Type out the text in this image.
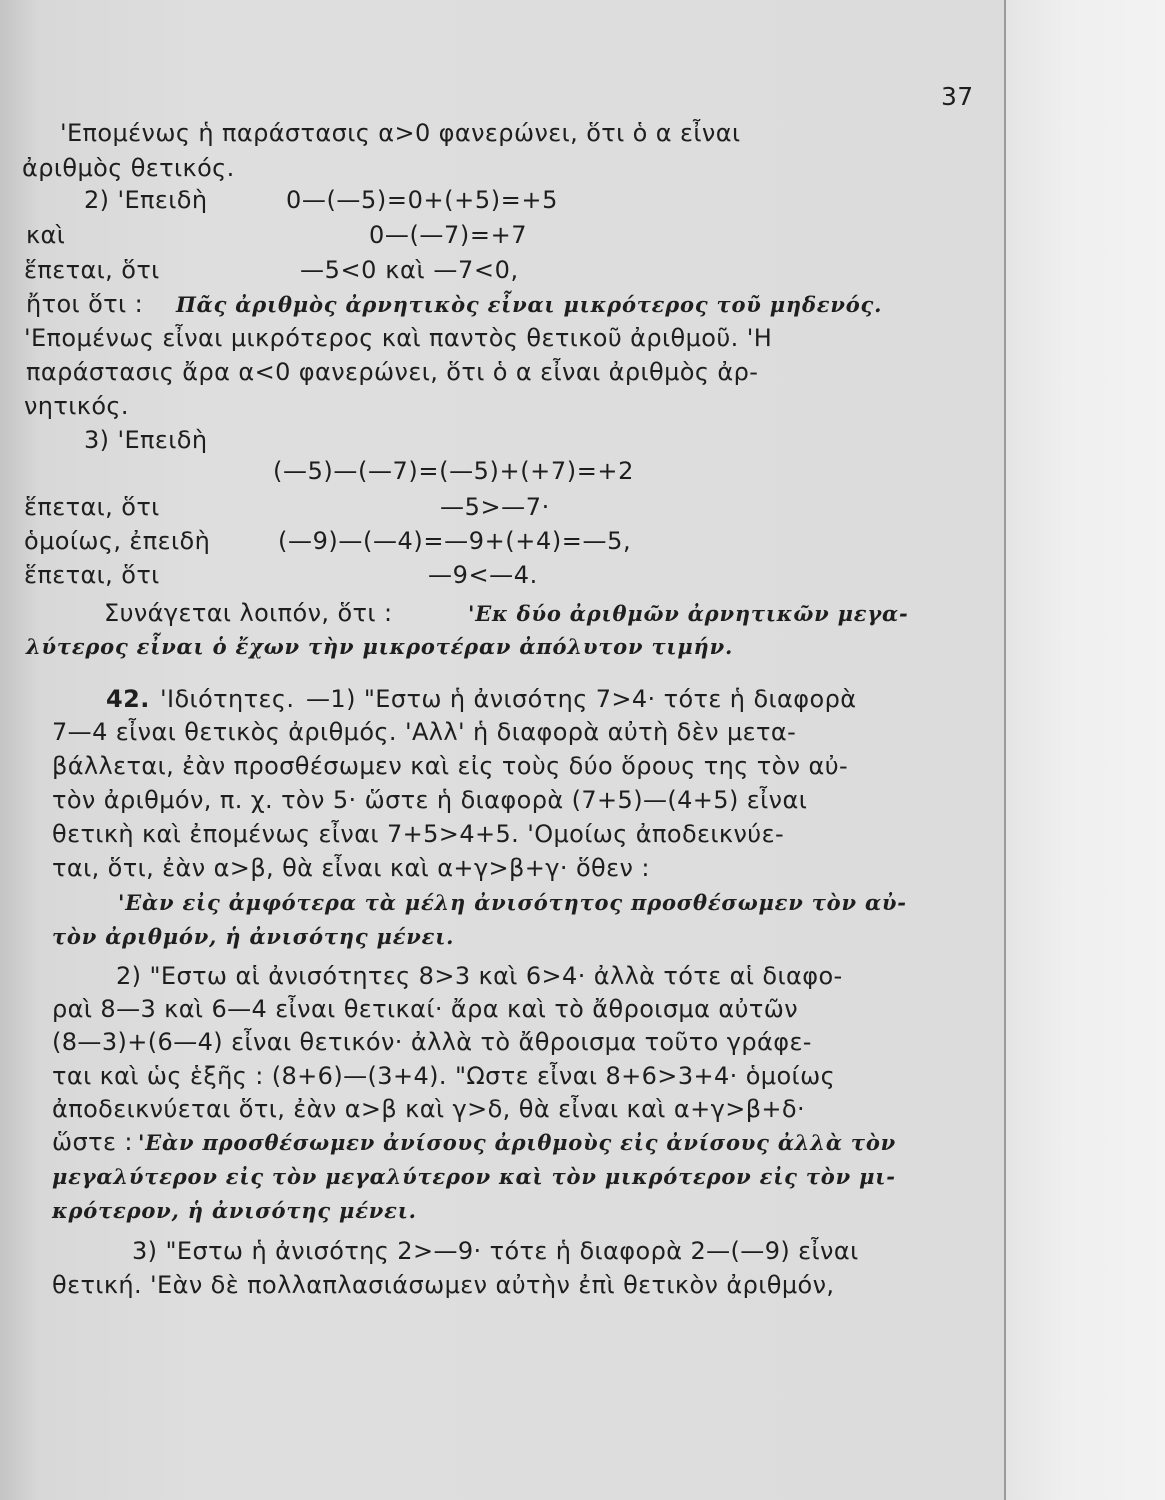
37
'Επομένως ἡ παράστασις α>0 φανερώνει, ὅτι ὁ α εἶναι
ἀριθμὸς θετικός.
2) 'Επειδὴ	0—(—5)=0+(+5)=+5
καὶ	0—(—7)=+7
ἕπεται, ὅτι	—5<0 καὶ —7<0,
ἤτοι ὅτι : Πᾶς ἀριθμὸς ἀρνητικὸς εἶναι μικρότερος τοῦ μηδενός.
'Επομένως εἶναι μικρότερος καὶ παντὸς θετικοῦ ἀριθμοῦ. 'Η
παράστασις ἄρα α<0 φανερώνει, ὅτι ὁ α εἶναι ἀριθμὸς ἀρ-
νητικός.
3) 'Επειδὴ
(—5)—(—7)=(—5)+(+7)=+2
ἕπεται, ὅτι	—5>—7·
ὁμοίως, ἐπειδὴ	(—9)—(—4)=—9+(+4)=—5,
ἕπεται, ὅτι	—9<—4.
Συνάγεται λοιπόν, ὅτι :	'Εκ δύο ἀριθμῶν ἀρνητικῶν μεγα-
λύτερος εἶναι ὁ ἔχων τὴν μικροτέραν ἀπόλυτον τιμήν.
42. 'Ιδιότητες. —1) "Εστω ἡ ἀνισότης 7>4· τότε ἡ διαφορὰ
7—4 εἶναι θετικὸς ἀριθμός. 'Αλλ' ἡ διαφορὰ αὐτὴ δὲν μετα-
βάλλεται, ἐὰν προσθέσωμεν καὶ εἰς τοὺς δύο ὅρους της τὸν αὐ-
τὸν ἀριθμόν, π. χ. τὸν 5· ὥστε ἡ διαφορὰ (7+5)—(4+5) εἶναι
θετικὴ καὶ ἐπομένως εἶναι 7+5>4+5. 'Ομοίως ἀποδεικνύε-
ται, ὅτι, ἐὰν α>β, θὰ εἶναι καὶ α+γ>β+γ· ὅθεν :
'Εὰν εἰς ἀμφότερα τὰ μέλη ἀνισότητος προσθέσωμεν τὸν αὐ-
τὸν ἀριθμόν, ἡ ἀνισότης μένει.
2) "Εστω αἱ ἀνισότητες 8>3 καὶ 6>4· ἀλλὰ τότε αἱ διαφο-
ραὶ 8—3 καὶ 6—4 εἶναι θετικαί· ἄρα καὶ τὸ ἄθροισμα αὐτῶν
(8—3)+(6—4) εἶναι θετικόν· ἀλλὰ τὸ ἄθροισμα τοῦτο γράφε-
ται καὶ ὡς ἑξῆς : (8+6)—(3+4). "Ωστε εἶναι 8+6>3+4· ὁμοίως
ἀποδεικνύεται ὅτι, ἐὰν α>β καὶ γ>δ, θὰ εἶναι καὶ α+γ>β+δ·
ὥστε : 'Εὰν προσθέσωμεν ἀνίσους ἀριθμοὺς εἰς ἀνίσους ἀλλὰ τὸν
μεγαλύτερον εἰς τὸν μεγαλύτερον καὶ τὸν μικρότερον εἰς τὸν μι-
κρότερον, ἡ ἀνισότης μένει.
3) "Εστω ἡ ἀνισότης 2>—9· τότε ἡ διαφορὰ 2—(—9) εἶναι
θετική. 'Εὰν δὲ πολλαπλασιάσωμεν αὐτὴν ἐπὶ θετικὸν ἀριθμόν,
